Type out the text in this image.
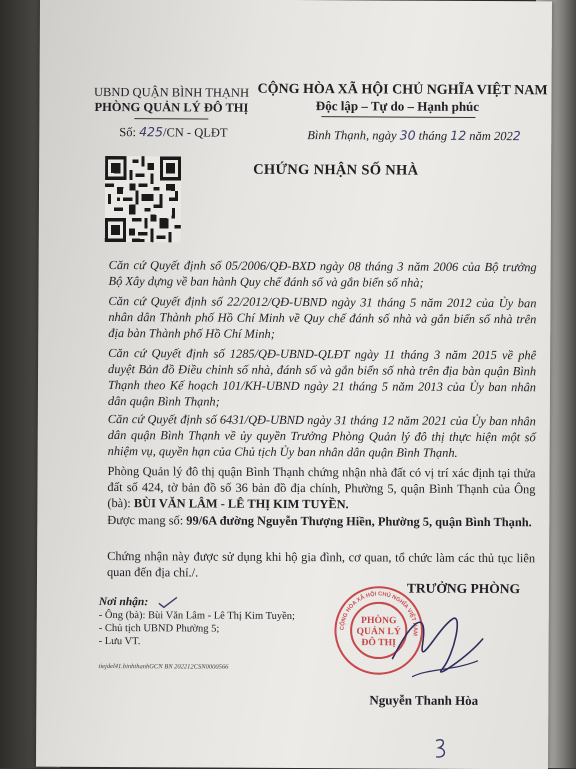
UBND QUẬN BÌNH THẠNH
PHÒNG QUẢN LÝ ĐÔ THỊ
CỘNG HÒA XÃ HỘI CHỦ NGHĨA VIỆT NAM
Độc lập – Tự do – Hạnh phúc
Số: 425/CN - QLĐT	Bình Thạnh, ngày 30 tháng 12 năm 2022
CHỨNG NHẬN SỐ NHÀ
Căn cứ Quyết định số 05/2006/QĐ-BXD ngày 08 tháng 3 năm 2006 của Bộ trưởng Bộ Xây dựng về ban hành Quy chế đánh số và gắn biển số nhà;
Căn cứ Quyết định số 22/2012/QĐ-UBND ngày 31 tháng 5 năm 2012 của Ủy ban nhân dân Thành phố Hồ Chí Minh về Quy chế đánh số nhà và gắn biển số nhà trên địa bàn Thành phố Hồ Chí Minh;
Căn cứ Quyết định số 1285/QĐ-UBND-QLĐT ngày 11 tháng 3 năm 2015 về phê duyệt Bản đồ Điều chỉnh số nhà, đánh số và gắn biển số nhà trên địa bàn quận Bình Thạnh theo Kế hoạch 101/KH-UBND ngày 21 tháng 5 năm 2013 của Ủy ban nhân dân quận Bình Thạnh;
Căn cứ Quyết định số 6431/QĐ-UBND ngày 31 tháng 12 năm 2021 của Ủy ban nhân dân quận Bình Thạnh về ủy quyền Trưởng Phòng Quản lý đô thị thực hiện một số nhiệm vụ, quyền hạn của Chủ tịch Ủy ban nhân dân quận Bình Thạnh.
Phòng Quản lý đô thị quận Bình Thạnh chứng nhận nhà đất có vị trí xác định tại thửa đất số 424, tờ bản đồ số 36 bản đồ địa chính, Phường 5, quận Bình Thạnh của Ông (bà): BÙI VĂN LÂM - LÊ THỊ KIM TUYỀN.
Được mang số: 99/6A đường Nguyễn Thượng Hiền, Phường 5, quận Bình Thạnh.
Chứng nhận này được sử dụng khi hộ gia đình, cơ quan, tổ chức làm các thủ tục liên quan đến địa chỉ./.
Nơi nhận:
- Ông (bà): Bùi Văn Lâm - Lê Thị Kim Tuyền;
- Chủ tịch UBND Phường 5;
- Lưu VT.
tiejdel41.binhthanhGCN BN 202212CSN0000566
TRƯỞNG PHÒNG
CỘNG HÒA XÃ HỘI CHỦ NGHĨA VIỆT NAM
PHÒNG
QUẢN LÝ
ĐÔ THỊ
Nguyễn Thanh Hòa
